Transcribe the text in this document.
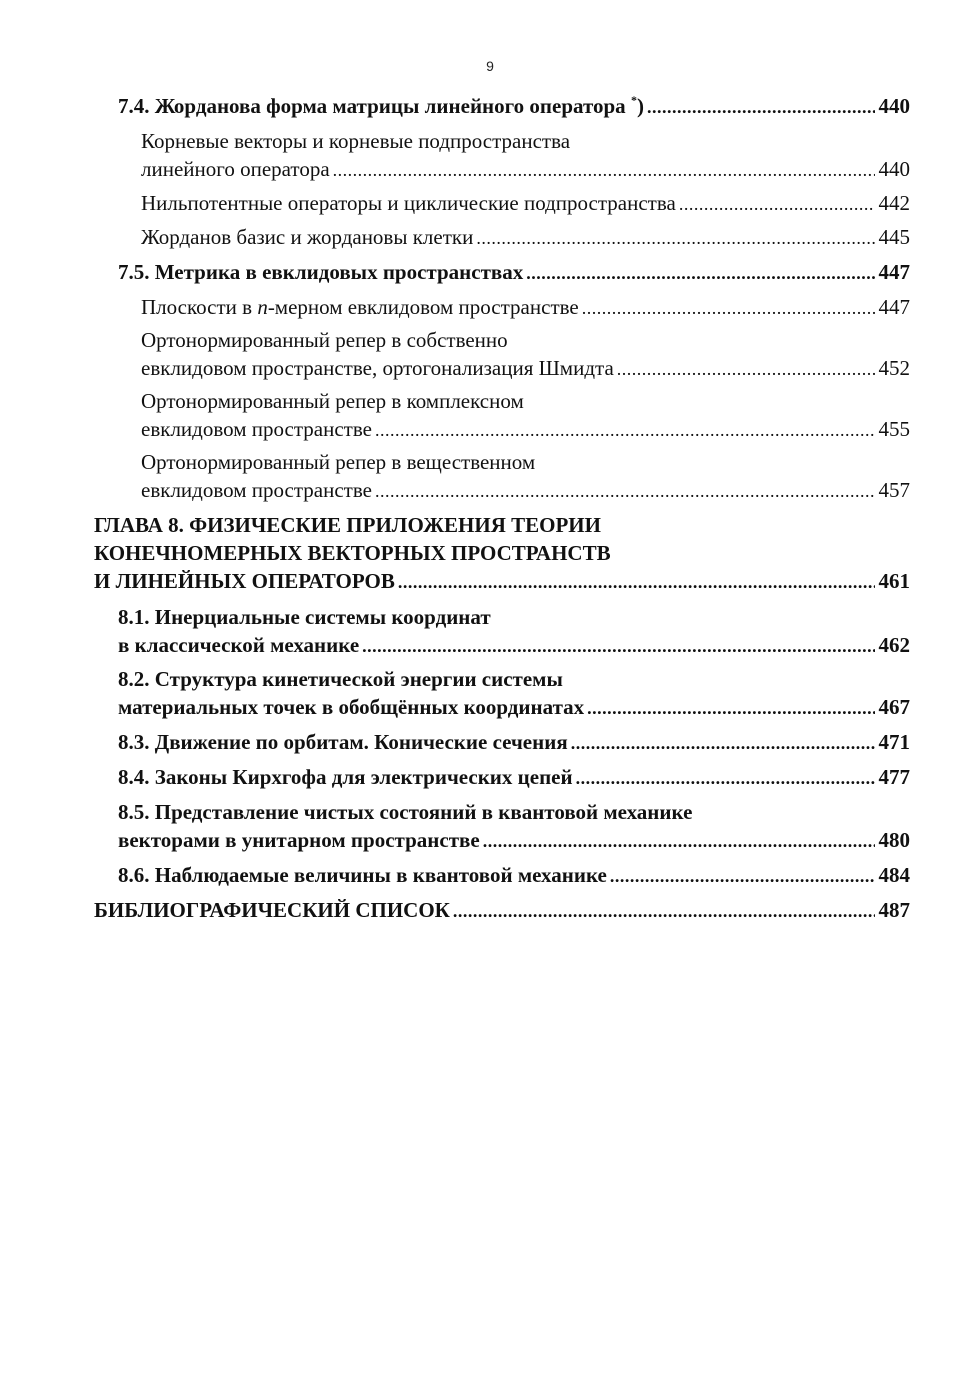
9
7.4. Жорданова форма матрицы линейного оператора *) .....	440
Корневые векторы и корневые подпространства
линейного оператора .....	440
Нильпотентные операторы и циклические подпространства .....	442
Жорданов базис и жордановы клетки .....	445
7.5. Метрика в евклидовых пространствах .....	447
Плоскости в n-мерном евклидовом пространстве .....	447
Ортонормированный репер в собственно
евклидовом пространстве, ортогонализация Шмидта .....	452
Ортонормированный репер в комплексном
евклидовом пространстве .....	455
Ортонормированный репер в вещественном
евклидовом пространстве .....	457
ГЛАВА 8. ФИЗИЧЕСКИЕ ПРИЛОЖЕНИЯ ТЕОРИИ
КОНЕЧНОМЕРНЫХ ВЕКТОРНЫХ ПРОСТРАНСТВ
И ЛИНЕЙНЫХ ОПЕРАТОРОВ .....	461
8.1. Инерциальные системы координат
в классической механике .....	462
8.2. Структура кинетической энергии системы
материальных точек в обобщённых координатах .....	467
8.3. Движение по орбитам. Конические сечения .....	471
8.4. Законы Кирхгофа для электрических цепей .....	477
8.5. Представление чистых состояний в квантовой механике
векторами в унитарном пространстве .....	480
8.6. Наблюдаемые величины в квантовой механике .....	484
БИБЛИОГРАФИЧЕСКИЙ СПИСОК .....	487
